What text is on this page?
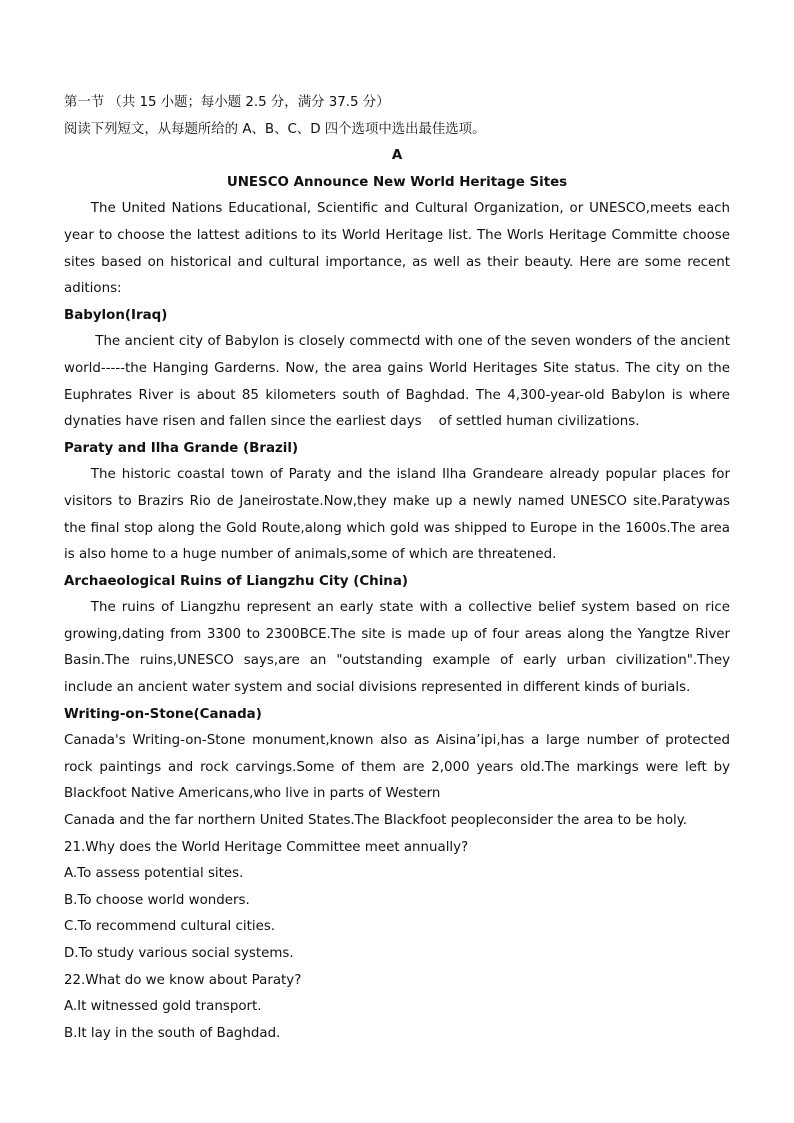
第一节 （共 15 小题；每小题 2.5 分，满分 37.5 分）

阅读下列短文，从每题所给的 A、B、C、D 四个选项中选出最佳选项。

A

UNESCO Announce New World Heritage Sites

The United Nations Educational, Scientific and Cultural Organization, or UNESCO,meets each year to choose the lattest aditions to its World Heritage list. The Worls Heritage Committe choose sites based on historical and cultural importance, as well as their beauty. Here are some recent aditions:

Babylon(Iraq)

The ancient city of Babylon is closely commectd with one of the seven wonders of the ancient world-----the Hanging Garderns. Now, the area gains World Heritages Site status. The city on the Euphrates River is about 85 kilometers south of Baghdad. The 4,300-year-old Babylon is where dynaties have risen and fallen since the earliest days    of settled human civilizations.

Paraty and Ilha Grande (Brazil)

The historic coastal town of Paraty and the island Ilha Grandeare already popular places for visitors to Brazirs Rio de Janeirostate.Now,they make up a newly named UNESCO site.Paratywas the final stop along the Gold Route,along which gold was shipped to Europe in the 1600s.The area is also home to a huge number of animals,some of which are threatened.

Archaeological Ruins of Liangzhu City (China)

The ruins of Liangzhu represent an early state with a collective belief system based on rice growing,dating from 3300 to 2300BCE.The site is made up of four areas along the Yangtze River Basin.The ruins,UNESCO says,are an "outstanding example of early urban civilization".They include an ancient water system and social divisions represented in different kinds of burials.

Writing-on-Stone(Canada)

Canada's Writing-on-Stone monument,known also as Aisina’ipi,has a large number of protected rock paintings and rock carvings.Some of them are 2,000 years old.The markings were left by Blackfoot Native Americans,who live in parts of Western

Canada and the far northern United States.The Blackfoot peopleconsider the area to be holy.

21.Why does the World Heritage Committee meet annually?

A.To assess potential sites.

B.To choose world wonders.

C.To recommend cultural cities.

D.To study various social systems.

22.What do we know about Paraty?

A.It witnessed gold transport.

B.It lay in the south of Baghdad.
